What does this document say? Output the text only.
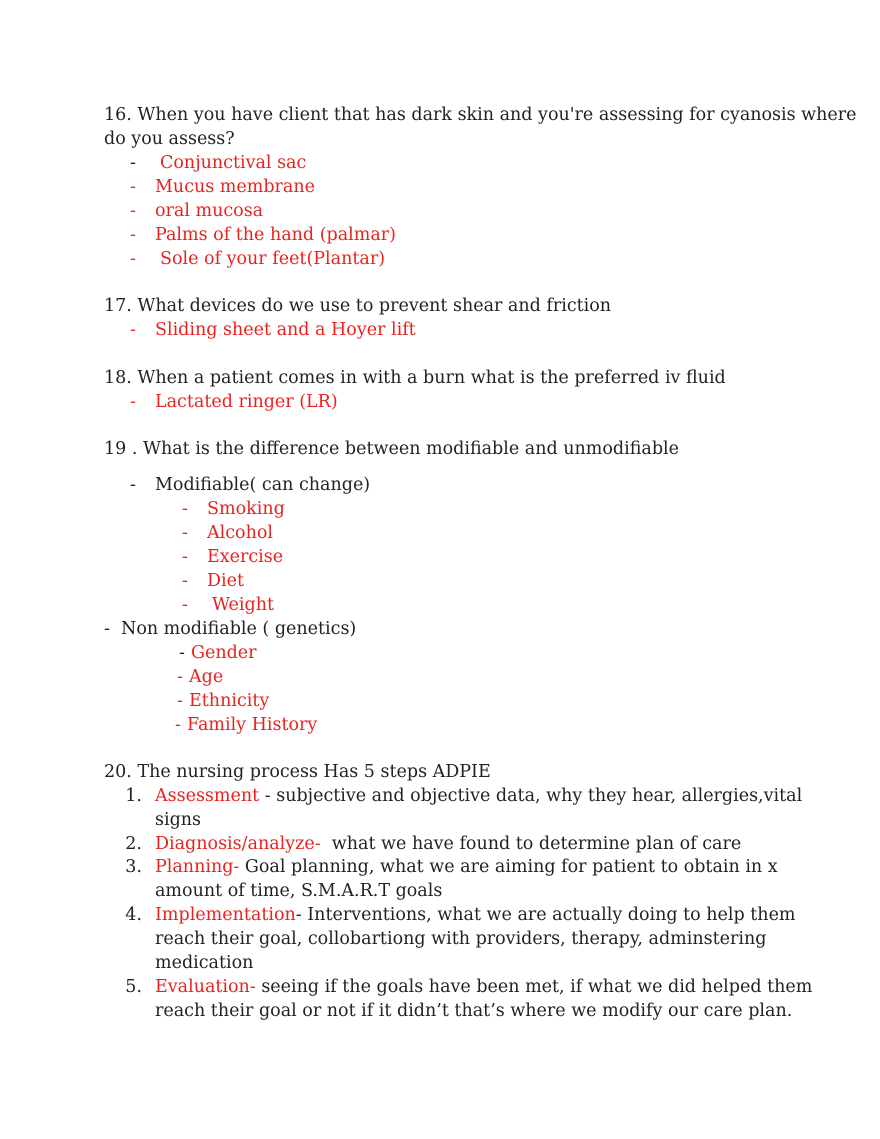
16. When you have client that has dark skin and you're assessing for cyanosis where
do you assess?
- Conjunctival sac
- Mucus membrane
- oral mucosa
- Palms of the hand (palmar)
- Sole of your feet(Plantar)
17. What devices do we use to prevent shear and friction
- Sliding sheet and a Hoyer lift
18. When a patient comes in with a burn what is the preferred iv fluid
- Lactated ringer (LR)
19 . What is the difference between modifiable and unmodifiable
- Modifiable( can change)
- Smoking
- Alcohol
- Exercise
- Diet
- Weight
- Non modifiable ( genetics)
- Gender
- Age
- Ethnicity
- Family History
20. The nursing process Has 5 steps ADPIE
1. Assessment - subjective and objective data, why they hear, allergies,vital
signs
2. Diagnosis/analyze-  what we have found to determine plan of care
3. Planning- Goal planning, what we are aiming for patient to obtain in x
amount of time, S.M.A.R.T goals
4. Implementation- Interventions, what we are actually doing to help them
reach their goal, collobartiong with providers, therapy, adminstering
medication
5. Evaluation- seeing if the goals have been met, if what we did helped them
reach their goal or not if it didn’t that’s where we modify our care plan.
